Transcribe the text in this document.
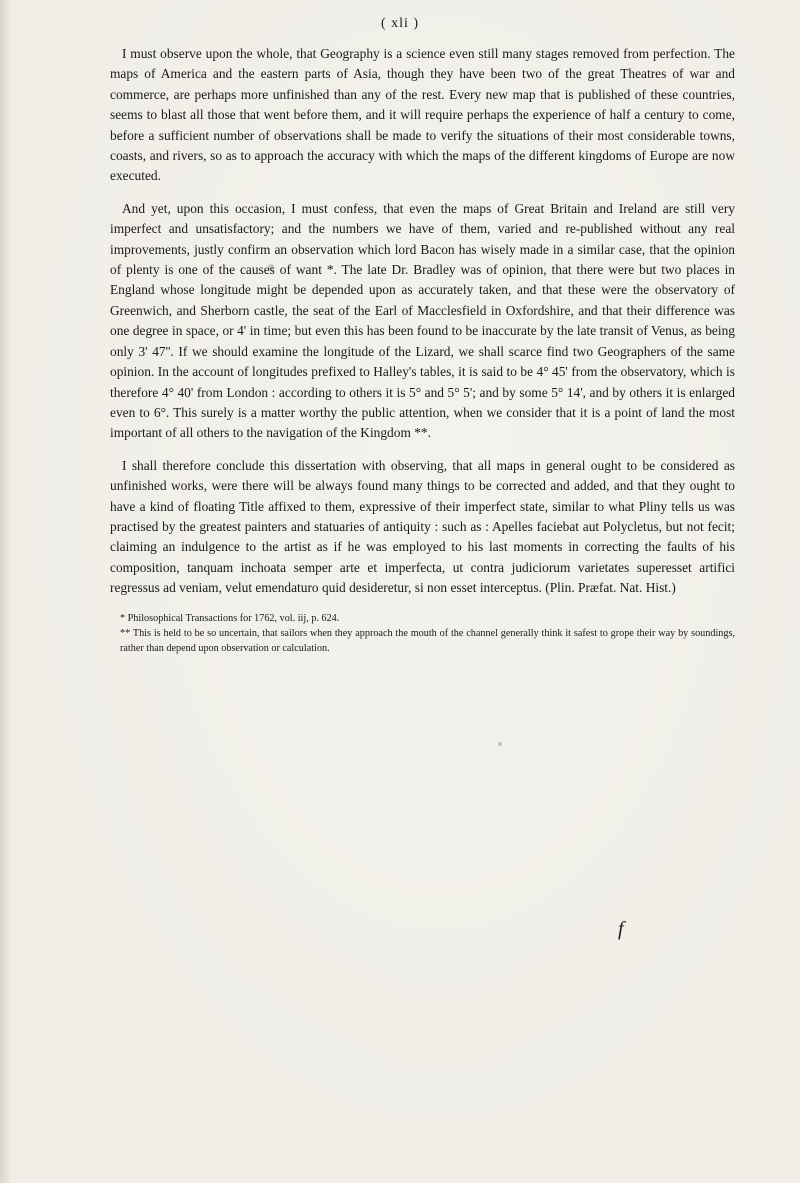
( xli )

I must observe upon the whole, that Geography is a science even still many stages removed from perfection. The maps of America and the eastern parts of Asia, though they have been two of the great Theatres of war and commerce, are perhaps more unfinished than any of the rest. Every new map that is published of these countries, seems to blast all those that went before them, and it will require perhaps the experience of half a century to come, before a sufficient number of observations shall be made to verify the situations of their most considerable towns, coasts, and rivers, so as to approach the accuracy with which the maps of the different kingdoms of Europe are now executed.

And yet, upon this occasion, I must confess, that even the maps of Great Britain and Ireland are still very imperfect and unsatisfactory; and the numbers we have of them, varied and re-published without any real improvements, justly confirm an observation which lord Bacon has wisely made in a similar case, that the opinion of plenty is one of the causes of want *. The late Dr. Bradley was of opinion, that there were but two places in England whose longitude might be depended upon as accurately taken, and that these were the observatory of Greenwich, and Sherborn castle, the seat of the Earl of Macclesfield in Oxfordshire, and that their difference was one degree in space, or 4' in time; but even this has been found to be inaccurate by the late transit of Venus, as being only 3' 47''. If we should examine the longitude of the Lizard, we shall scarce find two Geographers of the same opinion. In the account of longitudes prefixed to Halley's tables, it is said to be 4° 45' from the observatory, which is therefore 4° 40' from London : according to others it is 5° and 5° 5'; and by some 5° 14', and by others it is enlarged even to 6°. This surely is a matter worthy the public attention, when we consider that it is a point of land the most important of all others to the navigation of the Kingdom **.

I shall therefore conclude this dissertation with observing, that all maps in general ought to be considered as unfinished works, were there will be always found many things to be corrected and added, and that they ought to have a kind of floating Title affixed to them, expressive of their imperfect state, similar to what Pliny tells us was practised by the greatest painters and statuaries of antiquity : such as : Apelles faciebat aut Polycletus, but not fecit; claiming an indulgence to the artist as if he was employed to his last moments in correcting the faults of his composition, tanquam inchoata semper arte et imperfecta, ut contra judiciorum varietates superesset artifici regressus ad veniam, velut emendaturo quid desideretur, si non esset interceptus. (Plin. Præfat. Nat. Hist.)

* Philosophical Transactions for 1762, vol. iij, p. 624.

** This is held to be so uncertain, that sailors when they approach the mouth of the channel generally think it safest to grope their way by soundings, rather than depend upon observation or calculation.

f
